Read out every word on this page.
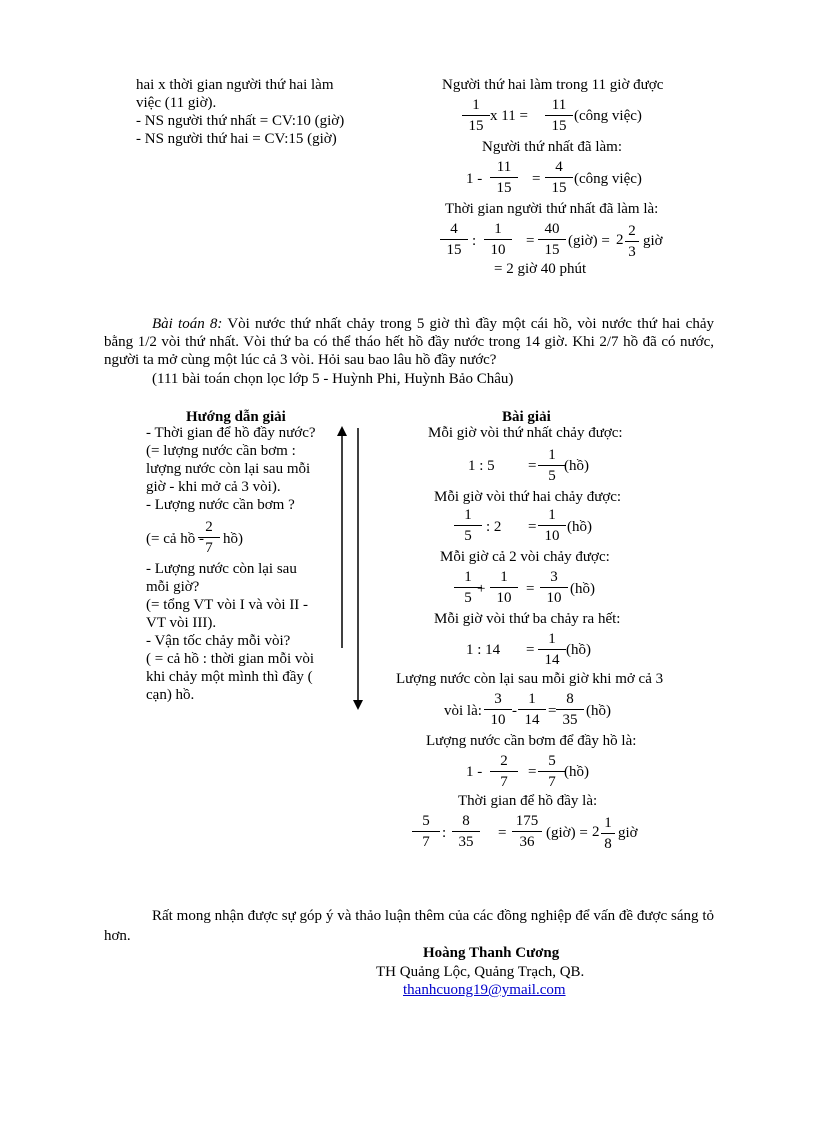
hai x thời gian người thứ hai làm
việc (11 giờ).
- NS người thứ nhất = CV:10 (giờ)
- NS người thứ hai = CV:15 (giờ)
Người thứ hai làm trong 11 giờ được
$\frac{1}{15}$ x $11 = \frac{11}{15}$ (công việc)
Người thứ nhất đã làm:
$1 - \frac{11}{15} = \frac{4}{15}$ (công việc)
Thời gian người thứ nhất đã làm là:
$\frac{4}{15}$ : $\frac{1}{10} = \frac{40}{15}$ (giờ) = $2 \frac{2}{3}$ giờ
= 2 giờ 40 phút
Bài toán 8: Vòi nước thứ nhất chảy trong 5 giờ thì đầy một cái hồ, vòi nước thứ hai chảy bằng 1/2 vòi thứ nhất. Vòi thứ ba có thể tháo hết hồ đầy nước trong 14 giờ. Khi 2/7 hồ đã có nước, người ta mở cùng một lúc cả 3 vòi. Hỏi sau bao lâu hồ đầy nước?
(111 bài toán chọn lọc lớp 5 - Huỳnh Phi, Huỳnh Bảo Châu)
Hướng dẫn giải
- Thời gian để hồ đầy nước?
(= lượng nước cần bơm :
lượng nước còn lại sau mỗi
giờ - khi mở cả 3 vòi).
- Lượng nước cần bơm ?
(= cả hồ -
$\frac{2}{7}$ hồ)
- Lượng nước còn lại sau
mỗi giờ?
(= tổng VT vòi I và vòi II -
VT vòi III).
- Vận tốc chảy mỗi vòi?
( = cả hồ : thời gian mỗi vòi
khi chảy một mình thì đầy (
cạn) hồ.
Bài giải
Mỗi giờ vòi thứ nhất chảy được:
1 : $5 = \frac{1}{5}$
(hồ)
Mỗi giờ vòi thứ hai chảy được:
$\frac{1}{5}$ : $2 = \frac{1}{10}$ (hồ)
Mỗi giờ cả 2 vòi chảy được:
$\frac{1}{5}$
+ $\frac{1}{10} = \frac{3}{10}$ (hồ)
Mỗi giờ vòi thứ ba chảy ra hết:
1 : $14 = \frac{1}{14}$ (hồ)
Lượng nước còn lại sau mỗi giờ khi mở cả 3
vòi là: $\frac{3}{10} - \frac{1}{14} = \frac{8}{35}$ (hồ)
Lượng nước cần bơm để đầy hồ là:
$1 - \frac{2}{7} = \frac{5}{7}$
(hồ)
Thời gian để hồ đầy là:
$\frac{5}{7}$ : $\frac{8}{35} = \frac{175}{36}$ (giờ) = $2 \frac{1}{8}$ giờ
Rất mong nhận được sự góp ý và thảo luận thêm của các đồng nghiệp để vấn đề được sáng tỏ hơn.
Hoàng Thanh Cương
TH Quảng Lộc, Quảng Trạch, QB.
thanhcuong19@ymail.com
